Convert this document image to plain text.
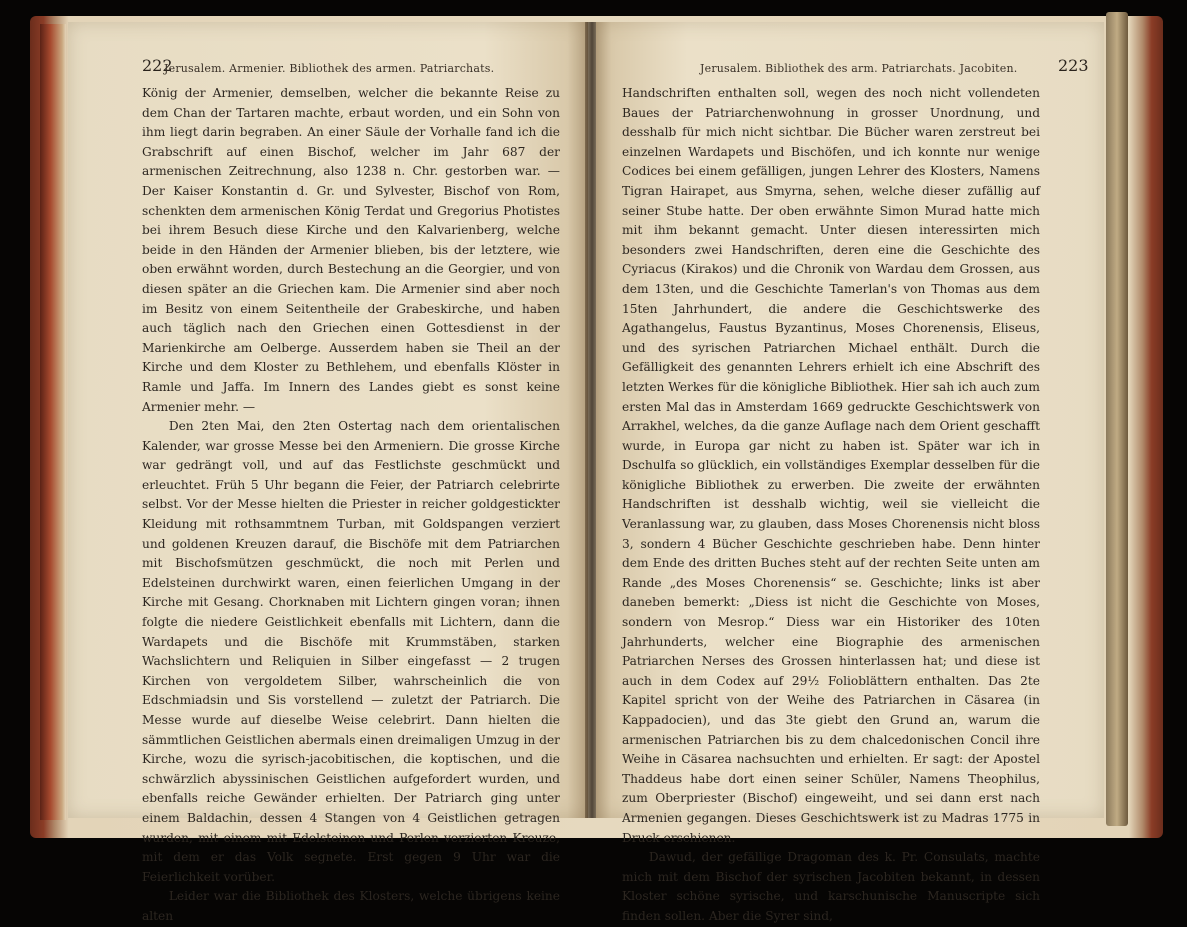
222
Jerusalem. Armenier. Bibliothek des armen. Patriarchats.

König der Armenier, demselben, welcher die bekannte Reise zu dem Chan der Tartaren machte, erbaut worden, und ein Sohn von ihm liegt darin begraben. An einer Säule der Vorhalle fand ich die Grabschrift auf einen Bischof, welcher im Jahr 687 der armenischen Zeitrechnung, also 1238 n. Chr. gestorben war. — Der Kaiser Konstantin d. Gr. und Sylvester, Bischof von Rom, schenkten dem armenischen König Terdat und Gregorius Photistes bei ihrem Besuch diese Kirche und den Kalvarienberg, welche beide in den Händen der Armenier blieben, bis der letztere, wie oben erwähnt worden, durch Bestechung an die Georgier, und von diesen später an die Griechen kam. Die Armenier sind aber noch im Besitz von einem Seitentheile der Grabeskirche, und haben auch täglich nach den Griechen einen Gottesdienst in der Marienkirche am Oelberge. Ausserdem haben sie Theil an der Kirche und dem Kloster zu Bethlehem, und ebenfalls Klöster in Ramle und Jaffa. Im Innern des Landes giebt es sonst keine Armenier mehr. —

Den 2ten Mai, den 2ten Ostertag nach dem orientalischen Kalender, war grosse Messe bei den Armeniern. Die grosse Kirche war gedrängt voll, und auf das Festlichste geschmückt und erleuchtet. Früh 5 Uhr begann die Feier, der Patriarch celebrirte selbst. Vor der Messe hielten die Priester in reicher goldgestickter Kleidung mit rothsammtnem Turban, mit Goldspangen verziert und goldenen Kreuzen darauf, die Bischöfe mit dem Patriarchen mit Bischofsmützen geschmückt, die noch mit Perlen und Edelsteinen durchwirkt waren, einen feierlichen Umgang in der Kirche mit Gesang. Chorknaben mit Lichtern gingen voran; ihnen folgte die niedere Geistlichkeit ebenfalls mit Lichtern, dann die Wardapets und die Bischöfe mit Krummstäben, starken Wachslichtern und Reliquien in Silber eingefasst — 2 trugen Kirchen von vergoldetem Silber, wahrscheinlich die von Edschmiadsin und Sis vorstellend — zuletzt der Patriarch. Die Messe wurde auf dieselbe Weise celebrirt. Dann hielten die sämmtlichen Geistlichen abermals einen dreimaligen Umzug in der Kirche, wozu die syrisch-jacobitischen, die koptischen, und die schwärzlich abyssinischen Geistlichen aufgefordert wurden, und ebenfalls reiche Gewänder erhielten. Der Patriarch ging unter einem Baldachin, dessen 4 Stangen von 4 Geistlichen getragen wurden, mit einem mit Edelsteinen und Perlen verzierten Kreuze, mit dem er das Volk segnete. Erst gegen 9 Uhr war die Feierlichkeit vorüber.

Leider war die Bibliothek des Klosters, welche übrigens keine alten

Jerusalem. Bibliothek des arm. Patriarchats. Jacobiten.	223

Handschriften enthalten soll, wegen des noch nicht vollendeten Baues der Patriarchenwohnung in grosser Unordnung, und desshalb für mich nicht sichtbar. Die Bücher waren zerstreut bei einzelnen Wardapets und Bischöfen, und ich konnte nur wenige Codices bei einem gefälligen, jungen Lehrer des Klosters, Namens Tigran Hairapet, aus Smyrna, sehen, welche dieser zufällig auf seiner Stube hatte. Der oben erwähnte Simon Murad hatte mich mit ihm bekannt gemacht. Unter diesen interessirten mich besonders zwei Handschriften, deren eine die Geschichte des Cyriacus (Kirakos) und die Chronik von Wardau dem Grossen, aus dem 13ten, und die Geschichte Tamerlan's von Thomas aus dem 15ten Jahrhundert, die andere die Geschichtswerke des Agathangelus, Faustus Byzantinus, Moses Chorenensis, Eliseus, und des syrischen Patriarchen Michael enthält. Durch die Gefälligkeit des genannten Lehrers erhielt ich eine Abschrift des letzten Werkes für die königliche Bibliothek. Hier sah ich auch zum ersten Mal das in Amsterdam 1669 gedruckte Geschichtswerk von Arrakhel, welches, da die ganze Auflage nach dem Orient geschafft wurde, in Europa gar nicht zu haben ist. Später war ich in Dschulfa so glücklich, ein vollständiges Exemplar desselben für die königliche Bibliothek zu erwerben. Die zweite der erwähnten Handschriften ist desshalb wichtig, weil sie vielleicht die Veranlassung war, zu glauben, dass Moses Chorenensis nicht bloss 3, sondern 4 Bücher Geschichte geschrieben habe. Denn hinter dem Ende des dritten Buches steht auf der rechten Seite unten am Rande „des Moses Chorenensis“ se. Geschichte; links ist aber daneben bemerkt: „Diess ist nicht die Geschichte von Moses, sondern von Mesrop.“ Diess war ein Historiker des 10ten Jahrhunderts, welcher eine Biographie des armenischen Patriarchen Nerses des Grossen hinterlassen hat; und diese ist auch in dem Codex auf 29½ Folioblättern enthalten. Das 2te Kapitel spricht von der Weihe des Patriarchen in Cäsarea (in Kappadocien), und das 3te giebt den Grund an, warum die armenischen Patriarchen bis zu dem chalcedonischen Concil ihre Weihe in Cäsarea nachsuchten und erhielten. Er sagt: der Apostel Thaddeus habe dort einen seiner Schüler, Namens Theophilus, zum Oberpriester (Bischof) eingeweiht, und sei dann erst nach Armenien gegangen. Dieses Geschichtswerk ist zu Madras 1775 in Druck erschienen.

Dawud, der gefällige Dragoman des k. Pr. Consulats, machte mich mit dem Bischof der syrischen Jacobiten bekannt, in dessen Kloster schöne syrische, und karschunische Manuscripte sich finden sollen. Aber die Syrer sind,
